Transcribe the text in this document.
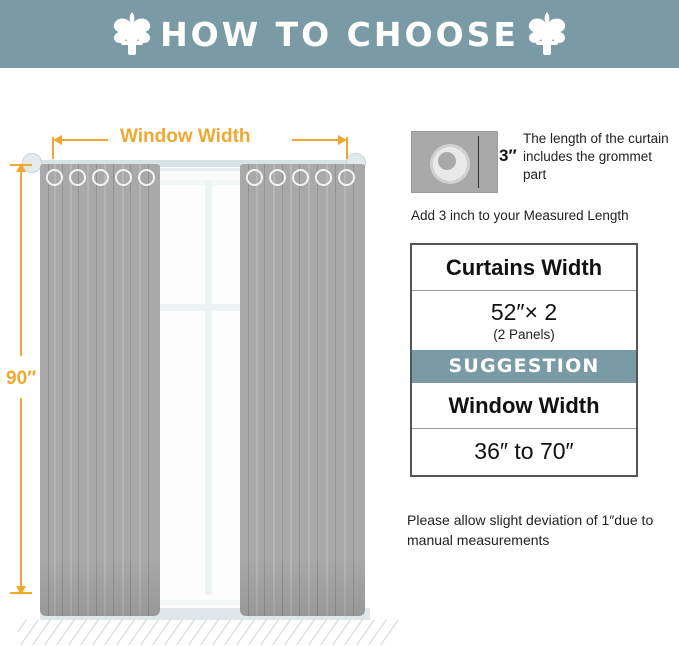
HOW TO CHOOSE
Window Width
90″
3″
The length of the curtain includes the grommet part
Add 3 inch to your Measured Length
Curtains Width
52″× 2
(2 Panels)
SUGGESTION
Window Width
36″ to 70″
Please allow slight deviation of 1″due to manual measurements
